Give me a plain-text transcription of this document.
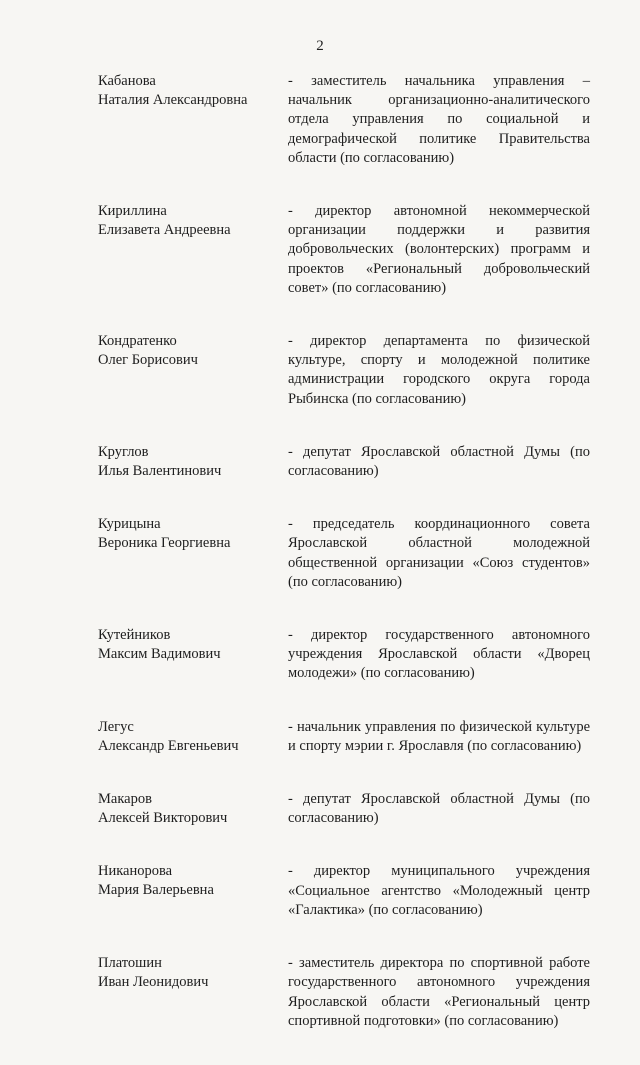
2
Кабанова
Наталия Александровна
- заместитель начальника управления – начальник организационно-аналитического отдела управления по социальной и демографической политике Правительства области (по согласованию)
Кириллина
Елизавета Андреевна
- директор автономной некоммерческой организации поддержки и развития добровольческих (волонтерских) программ и проектов «Региональный добровольческий совет» (по согласованию)
Кондратенко
Олег Борисович
- директор департамента по физической культуре, спорту и молодежной политике администрации городского округа города Рыбинска (по согласованию)
Круглов
Илья Валентинович
- депутат Ярославской областной Думы (по согласованию)
Курицына
Вероника Георгиевна
- председатель координационного совета Ярославской областной молодежной общественной организации «Союз студентов» (по согласованию)
Кутейников
Максим Вадимович
- директор государственного автономного учреждения Ярославской области «Дворец молодежи» (по согласованию)
Легус
Александр Евгеньевич
- начальник управления по физической культуре и спорту мэрии г. Ярославля (по согласованию)
Макаров
Алексей Викторович
- депутат Ярославской областной Думы (по согласованию)
Никанорова
Мария Валерьевна
- директор муниципального учреждения «Социальное агентство «Молодежный центр «Галактика» (по согласованию)
Платошин
Иван Леонидович
- заместитель директора по спортивной работе государственного автономного учреждения Ярославской области «Региональный центр спортивной подготовки» (по согласованию)
